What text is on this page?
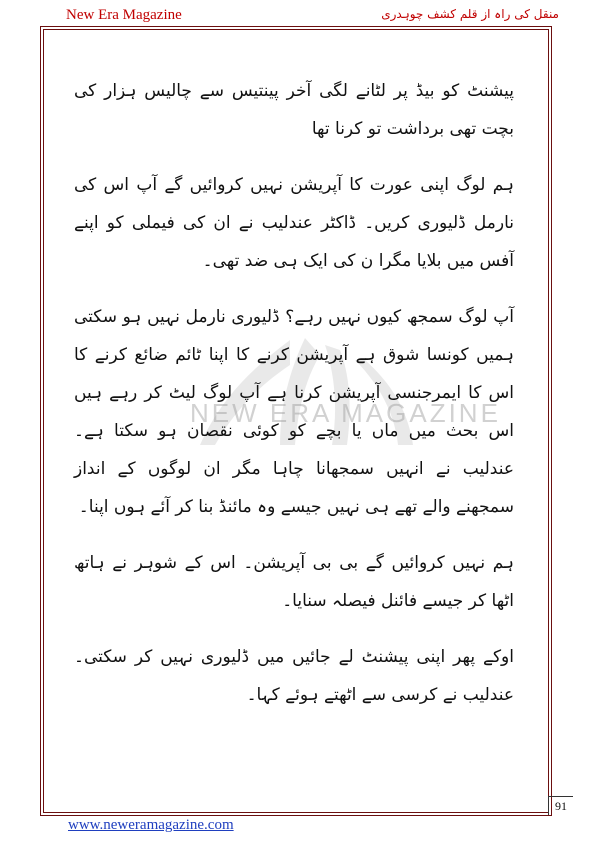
New Era Magazine	منقل کی راہ از قلم کشف چوہدری
NEW ERA MAGAZINE

پیشنٹ کو بیڈ پر لٹانے لگی آخر پینتیس سے چالیس ہزار کی بچت تھی برداشت تو کرنا تھا

ہم لوگ اپنی عورت کا آپریشن نہیں کروائیں گے آپ اس کی نارمل ڈلیوری کریں۔ ڈاکٹر عندلیب نے ان کی فیملی کو اپنے آفس میں بلایا مگرا ن کی ایک ہی ضد تھی۔

آپ لوگ سمجھ کیوں نہیں رہے؟ ڈلیوری نارمل نہیں ہو سکتی ہمیں کونسا شوق ہے آپریشن کرنے کا اپنا ٹائم ضائع کرنے کا اس کا ایمرجنسی آپریشن کرنا ہے آپ لوگ لیٹ کر رہے ہیں اس بحث میں ماں یا بچے کو کوئی نقصان ہو سکتا ہے۔ عندلیب نے انہیں سمجھانا چاہا مگر ان لوگوں کے انداز سمجھنے والے تھے ہی نہیں جیسے وہ مائنڈ بنا کر آئے ہوں اپنا۔

ہم نہیں کروائیں گے بی بی آپریشن۔ اس کے شوہر نے ہاتھ اٹھا کر جیسے فائنل فیصلہ سنایا۔

اوکے پھر اپنی پیشنٹ لے جائیں میں ڈلیوری نہیں کر سکتی۔ عندلیب نے کرسی سے اٹھتے ہوئے کہا۔

91
www.neweramagazine.com
